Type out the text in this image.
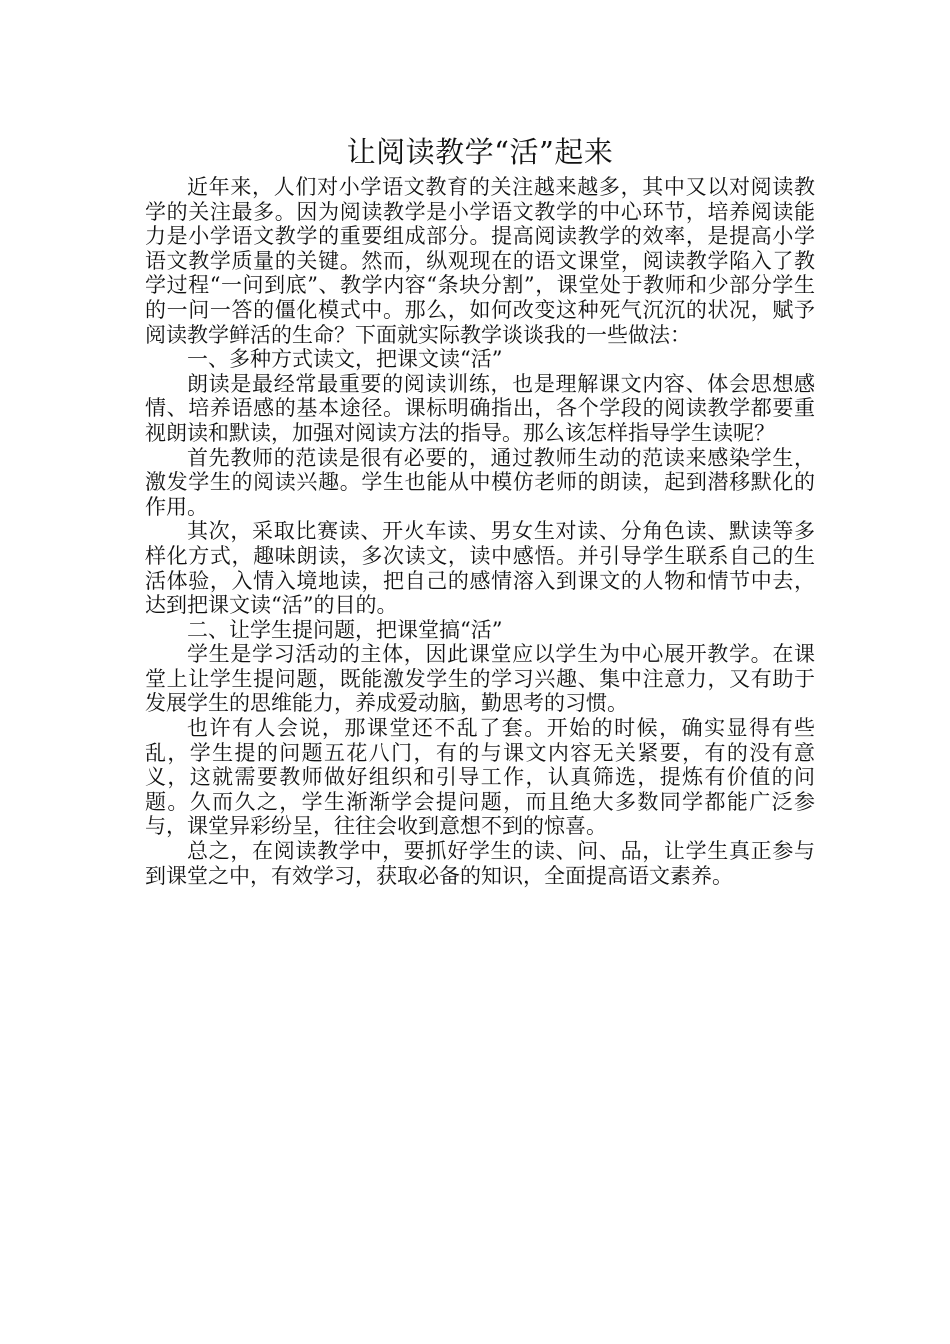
让阅读教学“活”起来

近年来，人们对小学语文教育的关注越来越多，其中又以对阅读教学的关注最多。因为阅读教学是小学语文教学的中心环节，培养阅读能力是小学语文教学的重要组成部分。提高阅读教学的效率，是提高小学语文教学质量的关键。然而，纵观现在的语文课堂，阅读教学陷入了教学过程“一问到底”、教学内容“条块分割”，课堂处于教师和少部分学生的一问一答的僵化模式中。那么，如何改变这种死气沉沉的状况，赋予阅读教学鲜活的生命？下面就实际教学谈谈我的一些做法：

一、多种方式读文，把课文读“活”

朗读是最经常最重要的阅读训练，也是理解课文内容、体会思想感情、培养语感的基本途径。课标明确指出，各个学段的阅读教学都要重视朗读和默读，加强对阅读方法的指导。那么该怎样指导学生读呢？

首先教师的范读是很有必要的，通过教师生动的范读来感染学生，激发学生的阅读兴趣。学生也能从中模仿老师的朗读，起到潜移默化的作用。

其次，采取比赛读、开火车读、男女生对读、分角色读、默读等多样化方式，趣味朗读，多次读文，读中感悟。并引导学生联系自己的生活体验，入情入境地读，把自己的感情溶入到课文的人物和情节中去，达到把课文读“活”的目的。

二、让学生提问题，把课堂搞“活”

学生是学习活动的主体，因此课堂应以学生为中心展开教学。在课堂上让学生提问题，既能激发学生的学习兴趣、集中注意力，又有助于发展学生的思维能力，养成爱动脑，勤思考的习惯。

也许有人会说，那课堂还不乱了套。开始的时候，确实显得有些乱，学生提的问题五花八门，有的与课文内容无关紧要，有的没有意义，这就需要教师做好组织和引导工作，认真筛选，提炼有价值的问题。久而久之，学生渐渐学会提问题，而且绝大多数同学都能广泛参与，课堂异彩纷呈，往往会收到意想不到的惊喜。

总之，在阅读教学中，要抓好学生的读、问、品，让学生真正参与到课堂之中，有效学习，获取必备的知识，全面提高语文素养。
